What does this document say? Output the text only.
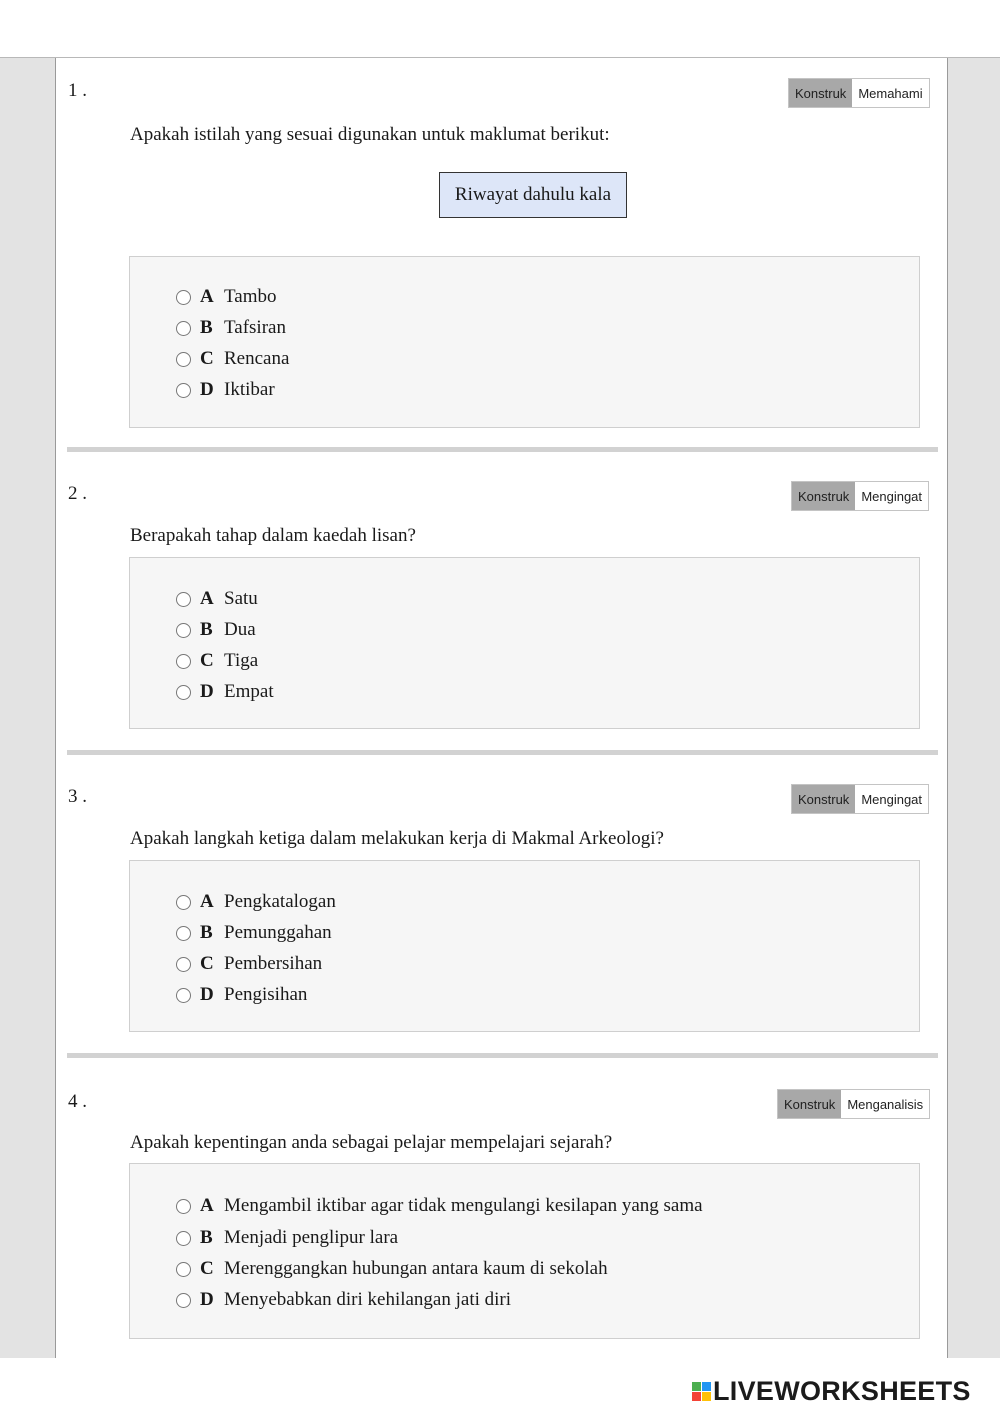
1 .	Konstruk Memahami
Apakah istilah yang sesuai digunakan untuk maklumat berikut:
Riwayat dahulu kala
A Tambo
B Tafsiran
C Rencana
D Iktibar
2 .	Konstruk Mengingat
Berapakah tahap dalam kaedah lisan?
A Satu
B Dua
C Tiga
D Empat
3 .	Konstruk Mengingat
Apakah langkah ketiga dalam melakukan kerja di Makmal Arkeologi?
A Pengkatalogan
B Pemunggahan
C Pembersihan
D Pengisihan
4 .	Konstruk Menganalisis
Apakah kepentingan anda sebagai pelajar mempelajari sejarah?
A Mengambil iktibar agar tidak mengulangi kesilapan yang sama
B Menjadi penglipur lara
C Merenggangkan hubungan antara kaum di sekolah
D Menyebabkan diri kehilangan jati diri
LIVEWORKSHEETS
